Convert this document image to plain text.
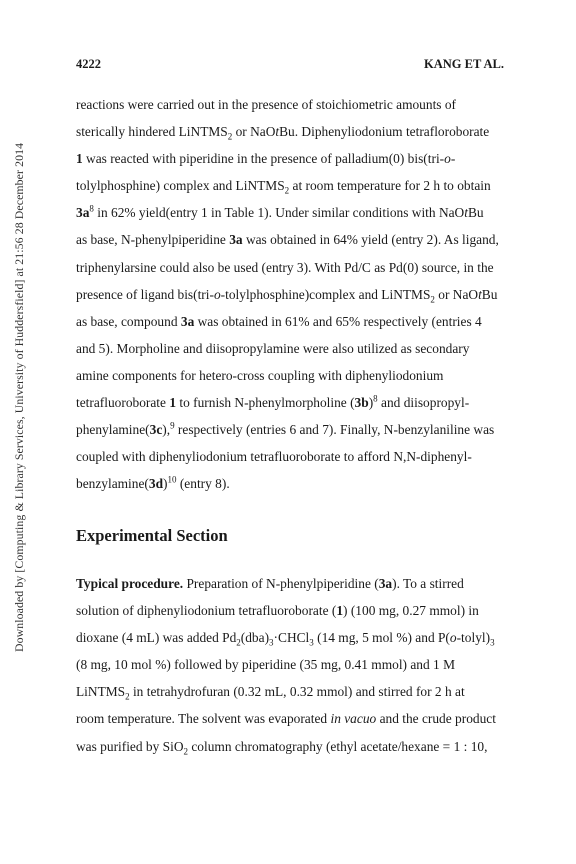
Downloaded by [Computing & Library Services, University of Huddersfield] at 21:56 28 December 2014
4222	KANG ET AL.

reactions were carried out in the presence of stoichiometric amounts of

sterically hindered LiNTMS$_2$ or NaOtBu. Diphenyliodonium tetrafloroborate

1 was reacted with piperidine in the presence of palladium(0) bis(tri-o-

tolylphosphine) complex and LiNTMS$_2$ at room temperature for 2 h to obtain

$3a^8$ in 62% yield(entry 1 in Table 1). Under similar conditions with NaOtBu

as base, N-phenylpiperidine 3a was obtained in 64% yield (entry 2). As ligand,

triphenylarsine could also be used (entry 3). With Pd/C as Pd(0) source, in the

presence of ligand bis(tri-o-tolylphosphine)complex and LiNTMS$_2$ or NaOtBu

as base, compound 3a was obtained in 61% and 65% respectively (entries 4

and 5). Morpholine and diisopropylamine were also utilized as secondary

amine components for hetero-cross coupling with diphenyliodonium

tetrafluoroborate 1 to furnish N-phenylmorpholine $(3b)^8$ and diisopropyl-

phenylamine(3c),$^9$ respectively (entries 6 and 7). Finally, N-benzylaniline was

coupled with diphenyliodonium tetrafluoroborate to afford N,N-diphenyl-

$benzylamine(3d)^{10}$ (entry 8).

Experimental Section

Typical procedure. Preparation of N-phenylpiperidine (3a). To a stirred

solution of diphenyliodonium tetrafluoroborate (1) (100 mg, 0.27 mmol) in

dioxane (4 mL) was added $Pd_2(dba)_3\cdot CHCl_3$ (14 mg, 5 mol %) and $P(o-tolyl)_3$

(8 mg, 10 mol %) followed by piperidine (35 mg, 0.41 mmol) and 1 M

LiNTMS$_2$ in tetrahydrofuran (0.32 mL, 0.32 mmol) and stirred for 2 h at

room temperature. The solvent was evaporated in vacuo and the crude product

was purified by SiO$_2$ column chromatography (ethyl acetate/hexane = 1 : 10,
